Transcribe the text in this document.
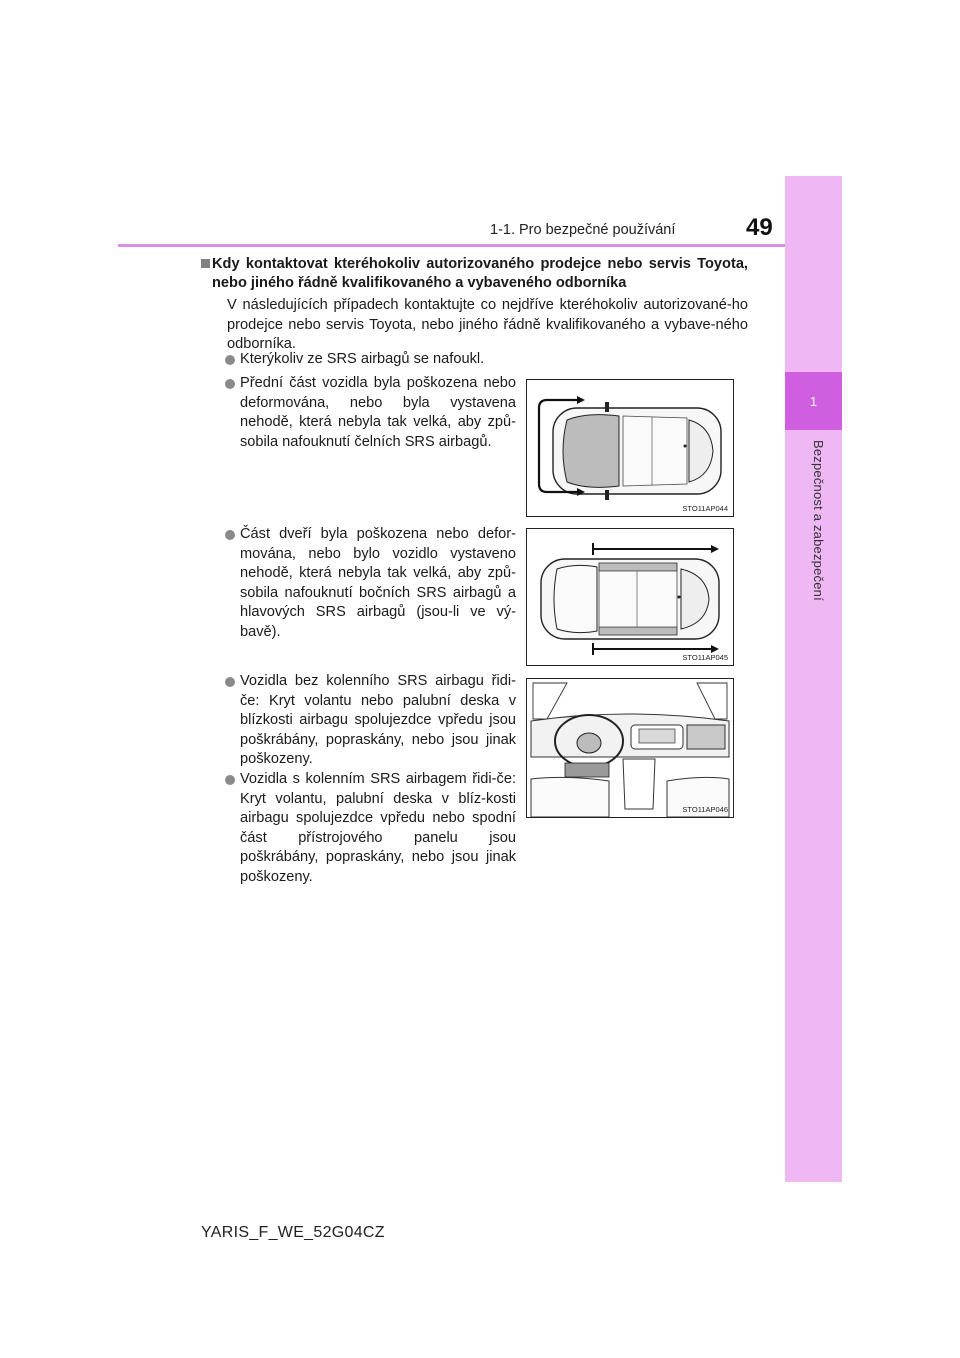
1
Bezpečnost a zabezpečení
1-1. Pro bezpečné používání	49
Kdy kontaktovat kteréhokoliv autorizovaného prodejce nebo servis Toyota, nebo jiného řádně kvalifikovaného a vybaveného odborníka
V následujících případech kontaktujte co nejdříve kteréhokoliv autorizované-ho prodejce nebo servis Toyota, nebo jiného řádně kvalifikovaného a vybave-ného odborníka.
Kterýkoliv ze SRS airbagů se nafoukl.
Přední část vozidla byla poškozena nebo deformována, nebo byla vystavena nehodě, která nebyla tak velká, aby způ-sobila nafouknutí čelních SRS airbagů.
Část dveří byla poškozena nebo defor-mována, nebo bylo vozidlo vystaveno nehodě, která nebyla tak velká, aby způ-sobila nafouknutí bočních SRS airbagů a hlavových SRS airbagů (jsou-li ve vý-bavě).
Vozidla bez kolenního SRS airbagu řidi-če: Kryt volantu nebo palubní deska v blízkosti airbagu spolujezdce vpředu jsou poškrábány, popraskány, nebo jsou jinak poškozeny.
Vozidla s kolenním SRS airbagem řidi-če: Kryt volantu, palubní deska v blíz-kosti airbagu spolujezdce vpředu nebo spodní část přístrojového panelu jsou poškrábány, popraskány, nebo jsou jinak poškozeny.
STO11AP044
STO11AP045
STO11AP046
YARIS_F_WE_52G04CZ
